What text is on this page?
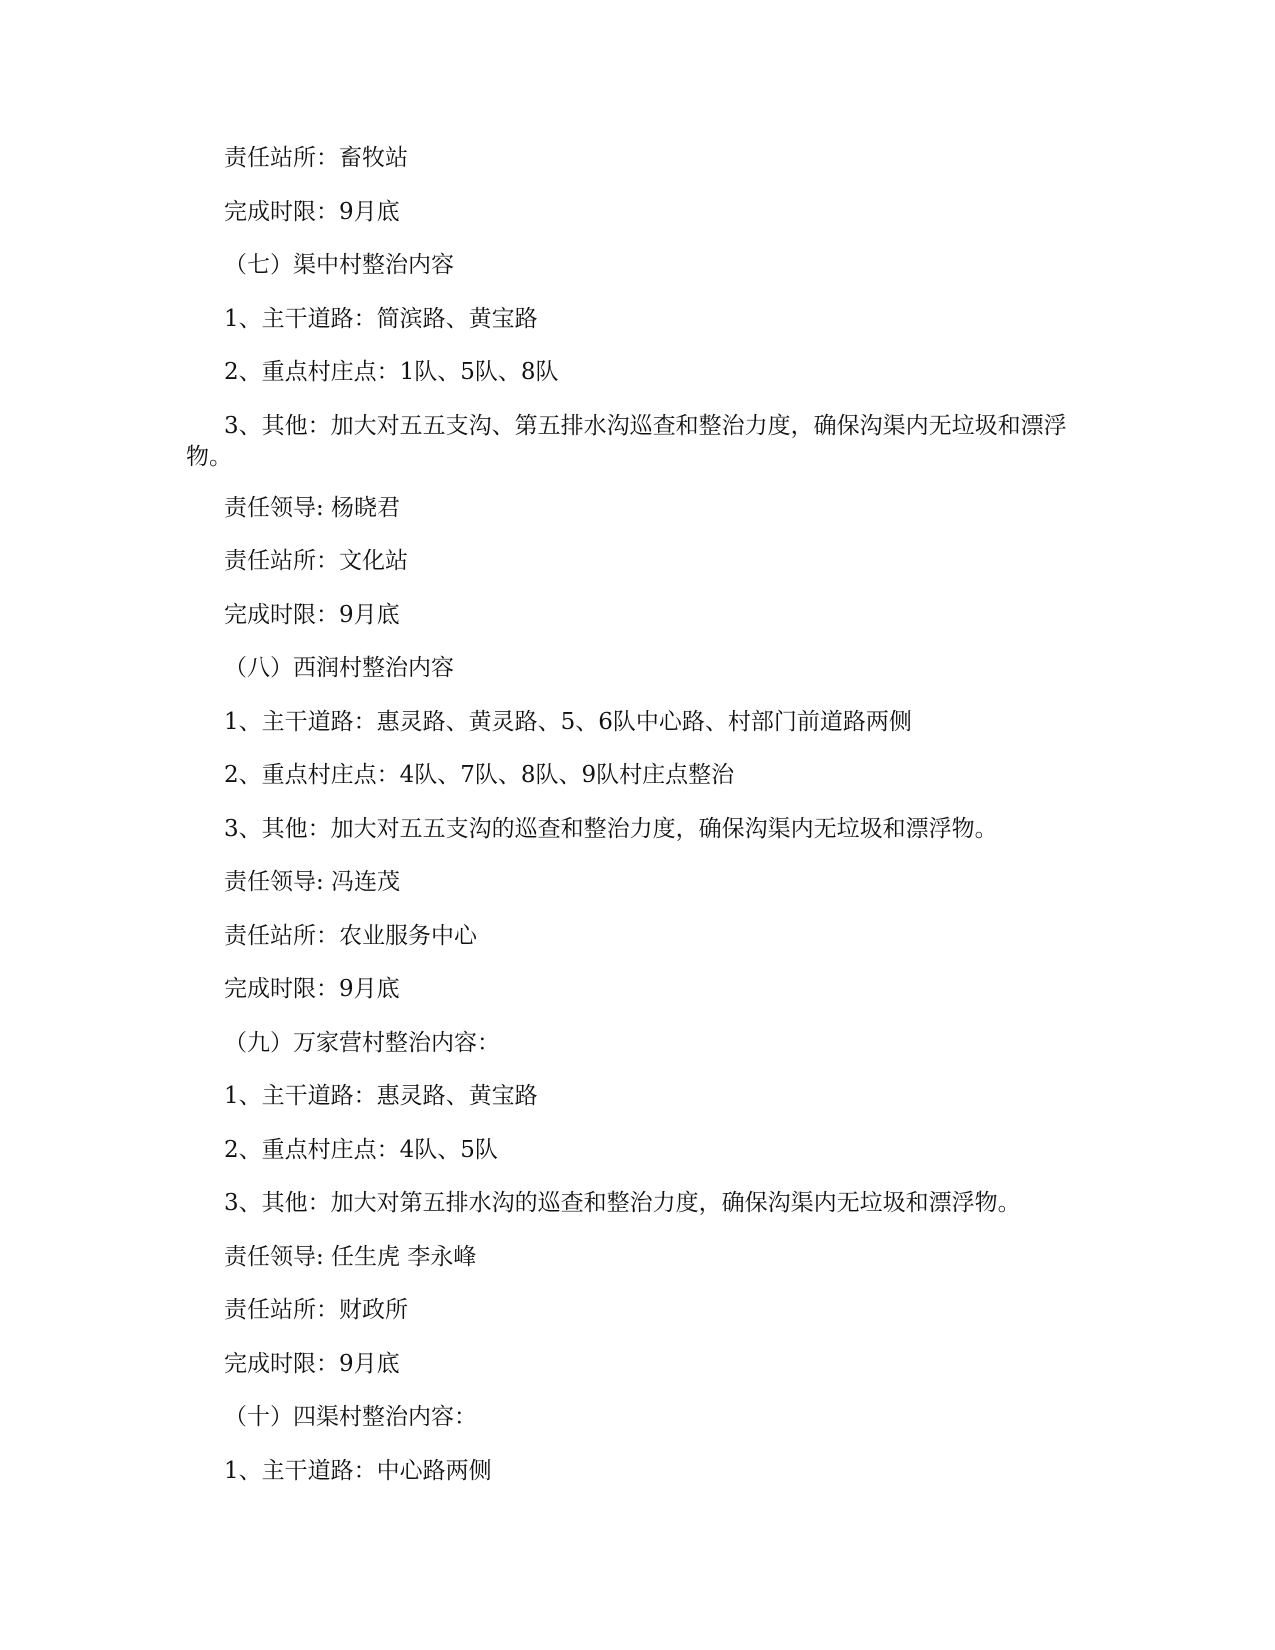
责任站所：畜牧站
完成时限：9月底
（七）渠中村整治内容
1、主干道路：简滨路、黄宝路
2、重点村庄点：1队、5队、8队
3、其他：加大对五五支沟、第五排水沟巡查和整治力度，确保沟渠内无垃圾和漂浮物。
责任领导: 杨晓君
责任站所：文化站
完成时限：9月底
（八）西润村整治内容
1、主干道路：惠灵路、黄灵路、5、6队中心路、村部门前道路两侧
2、重点村庄点：4队、7队、8队、9队村庄点整治
3、其他：加大对五五支沟的巡查和整治力度，确保沟渠内无垃圾和漂浮物。
责任领导: 冯连茂
责任站所：农业服务中心
完成时限：9月底
（九）万家营村整治内容：
1、主干道路：惠灵路、黄宝路
2、重点村庄点：4队、5队
3、其他：加大对第五排水沟的巡查和整治力度，确保沟渠内无垃圾和漂浮物。
责任领导: 任生虎 李永峰
责任站所：财政所
完成时限：9月底
（十）四渠村整治内容：
1、主干道路：中心路两侧
